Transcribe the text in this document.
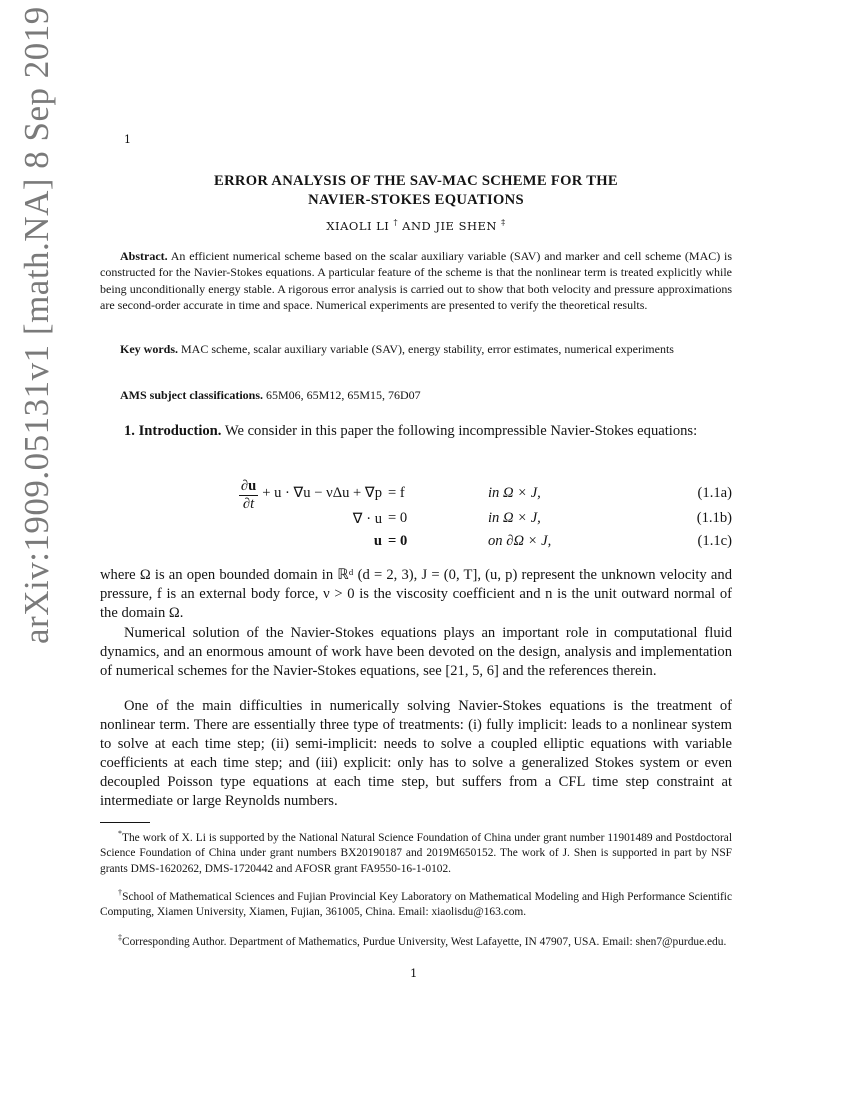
arXiv:1909.05131v1 [math.NA] 8 Sep 2019	1
ERROR ANALYSIS OF THE SAV-MAC SCHEME FOR THE
NAVIER-STOKES EQUATIONS
XIAOLI LI † AND JIE SHEN ‡
Abstract. An efficient numerical scheme based on the scalar auxiliary variable (SAV) and marker and cell scheme (MAC) is constructed for the Navier-Stokes equations. A particular feature of the scheme is that the nonlinear term is treated explicitly while being unconditionally energy stable. A rigorous error analysis is carried out to show that both velocity and pressure approximations are second-order accurate in time and space. Numerical experiments are presented to verify the theoretical results.
Key words. MAC scheme, scalar auxiliary variable (SAV), energy stability, error estimates, numerical experiments
AMS subject classifications. 65M06, 65M12, 65M15, 76D07
1. Introduction. We consider in this paper the following incompressible Navier-Stokes equations:
$\frac{\partial u}{\partial t} + u \cdot \nabla u - \nu\Delta u + \nabla p = f$	in Ω × J,	(1.1a)
∇ · u = 0	in Ω × J,	(1.1b)
u = 0	on ∂Ω × J,	(1.1c)
where Ω is an open bounded domain in ℝᵈ (d = 2, 3), J = (0, T], (u, p) represent the unknown velocity and pressure, f is an external body force, ν > 0 is the viscosity coefficient and n is the unit outward normal of the domain Ω.
Numerical solution of the Navier-Stokes equations plays an important role in computational fluid dynamics, and an enormous amount of work have been devoted on the design, analysis and implementation of numerical schemes for the Navier-Stokes equations, see [21, 5, 6] and the references therein.
One of the main difficulties in numerically solving Navier-Stokes equations is the treatment of nonlinear term. There are essentially three type of treatments: (i) fully implicit: leads to a nonlinear system to solve at each time step; (ii) semi-implicit: needs to solve a coupled elliptic equations with variable coefficients at each time step; and (iii) explicit: only has to solve a generalized Stokes system or even decoupled Poisson type equations at each time step, but suffers from a CFL time step constraint at intermediate or large Reynolds numbers.
*The work of X. Li is supported by the National Natural Science Foundation of China under grant number 11901489 and Postdoctoral Science Foundation of China under grant numbers BX20190187 and 2019M650152. The work of J. Shen is supported in part by NSF grants DMS-1620262, DMS-1720442 and AFOSR grant FA9550-16-1-0102.
†School of Mathematical Sciences and Fujian Provincial Key Laboratory on Mathematical Modeling and High Performance Scientific Computing, Xiamen University, Xiamen, Fujian, 361005, China. Email: xiaolisdu@163.com.
‡Corresponding Author. Department of Mathematics, Purdue University, West Lafayette, IN 47907, USA. Email: shen7@purdue.edu.
1
